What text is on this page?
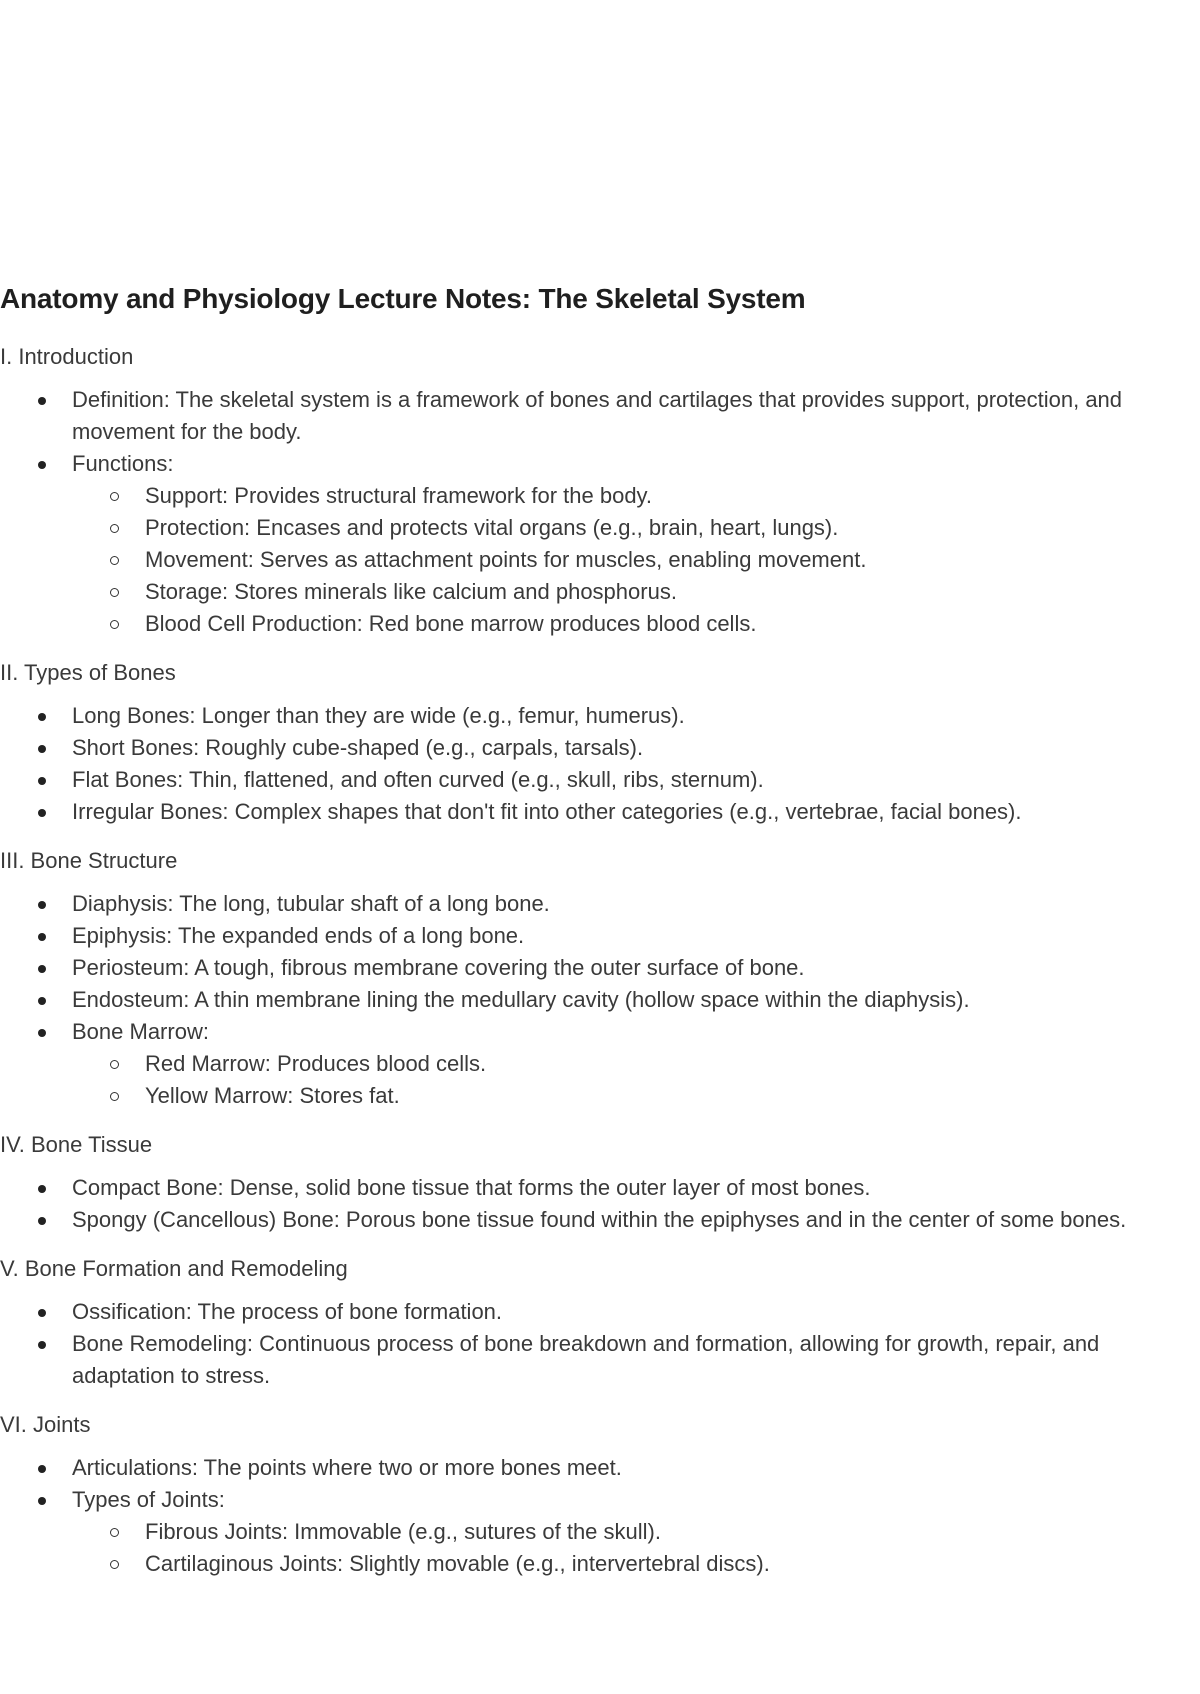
Anatomy and Physiology Lecture Notes: The Skeletal System
I. Introduction
Definition: The skeletal system is a framework of bones and cartilages that provides support, protection, and movement for the body.
Functions:
Support: Provides structural framework for the body.
Protection: Encases and protects vital organs (e.g., brain, heart, lungs).
Movement: Serves as attachment points for muscles, enabling movement.
Storage: Stores minerals like calcium and phosphorus.
Blood Cell Production: Red bone marrow produces blood cells.
II. Types of Bones
Long Bones: Longer than they are wide (e.g., femur, humerus).
Short Bones: Roughly cube-shaped (e.g., carpals, tarsals).
Flat Bones: Thin, flattened, and often curved (e.g., skull, ribs, sternum).
Irregular Bones: Complex shapes that don't fit into other categories (e.g., vertebrae, facial bones).
III. Bone Structure
Diaphysis: The long, tubular shaft of a long bone.
Epiphysis: The expanded ends of a long bone.
Periosteum: A tough, fibrous membrane covering the outer surface of bone.
Endosteum: A thin membrane lining the medullary cavity (hollow space within the diaphysis).
Bone Marrow:
Red Marrow: Produces blood cells.
Yellow Marrow: Stores fat.
IV. Bone Tissue
Compact Bone: Dense, solid bone tissue that forms the outer layer of most bones.
Spongy (Cancellous) Bone: Porous bone tissue found within the epiphyses and in the center of some bones.
V. Bone Formation and Remodeling
Ossification: The process of bone formation.
Bone Remodeling: Continuous process of bone breakdown and formation, allowing for growth, repair, and adaptation to stress.
VI. Joints
Articulations: The points where two or more bones meet.
Types of Joints:
Fibrous Joints: Immovable (e.g., sutures of the skull).
Cartilaginous Joints: Slightly movable (e.g., intervertebral discs).
